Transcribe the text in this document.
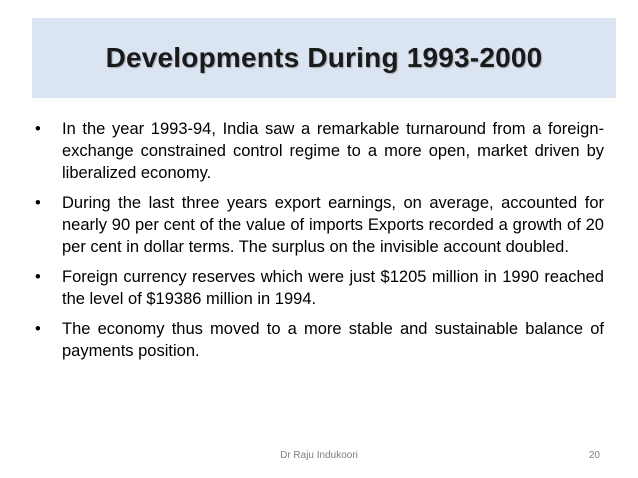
Developments During 1993-2000
• In the year 1993-94, India saw a remarkable turnaround from a foreign-exchange constrained control regime to a more open, market driven by liberalized economy.
• During the last three years export earnings, on average, accounted for nearly 90 per cent of the value of imports Exports recorded a growth of 20 per cent in dollar terms. The surplus on the invisible account doubled.
• Foreign currency reserves which were just $1205 million in 1990 reached the level of $19386 million in 1994.
• The economy thus moved to a more stable and sustainable balance of payments position.
Dr Raju Indukoori	20
